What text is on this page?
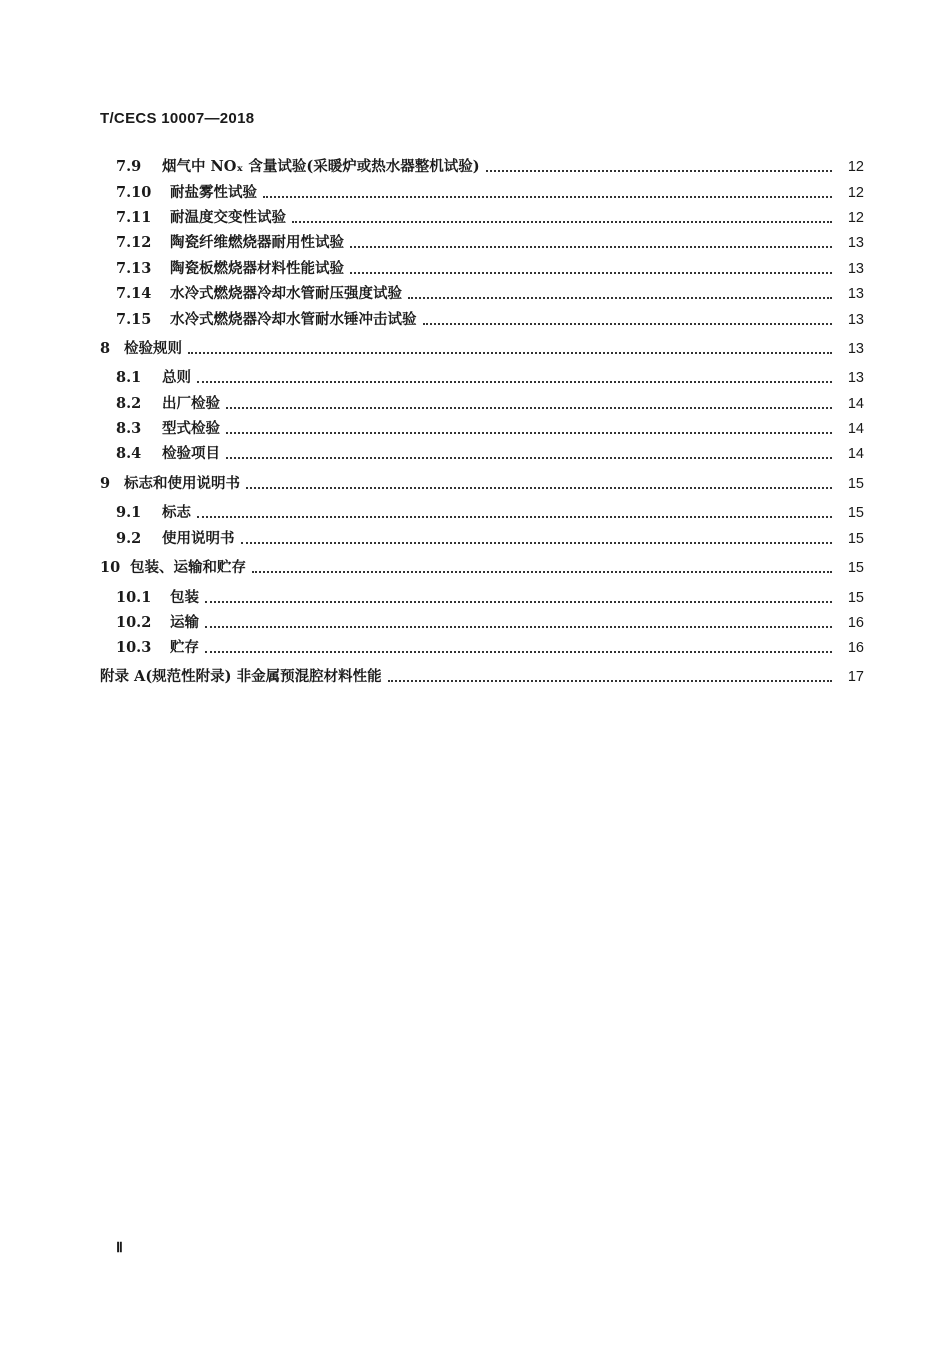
T/CECS 10007—2018
7.9	烟气中 NOₓ 含量试验(采暖炉或热水器整机试验)	12
7.10	耐盐雾性试验	12
7.11	耐温度交变性试验	12
7.12	陶瓷纤维燃烧器耐用性试验	13
7.13	陶瓷板燃烧器材料性能试验	13
7.14	水冷式燃烧器冷却水管耐压强度试验	13
7.15	水冷式燃烧器冷却水管耐水锤冲击试验	13
8 检验规则	13
8.1	总则	13
8.2	出厂检验	14
8.3	型式检验	14
8.4	检验项目	14
9 标志和使用说明书	15
9.1	标志	15
9.2	使用说明书	15
10 包装、运输和贮存	15
10.1	包装	15
10.2	运输	16
10.3	贮存	16
附录 A (规范性附录) 非金属预混腔材料性能	17
Ⅱ
